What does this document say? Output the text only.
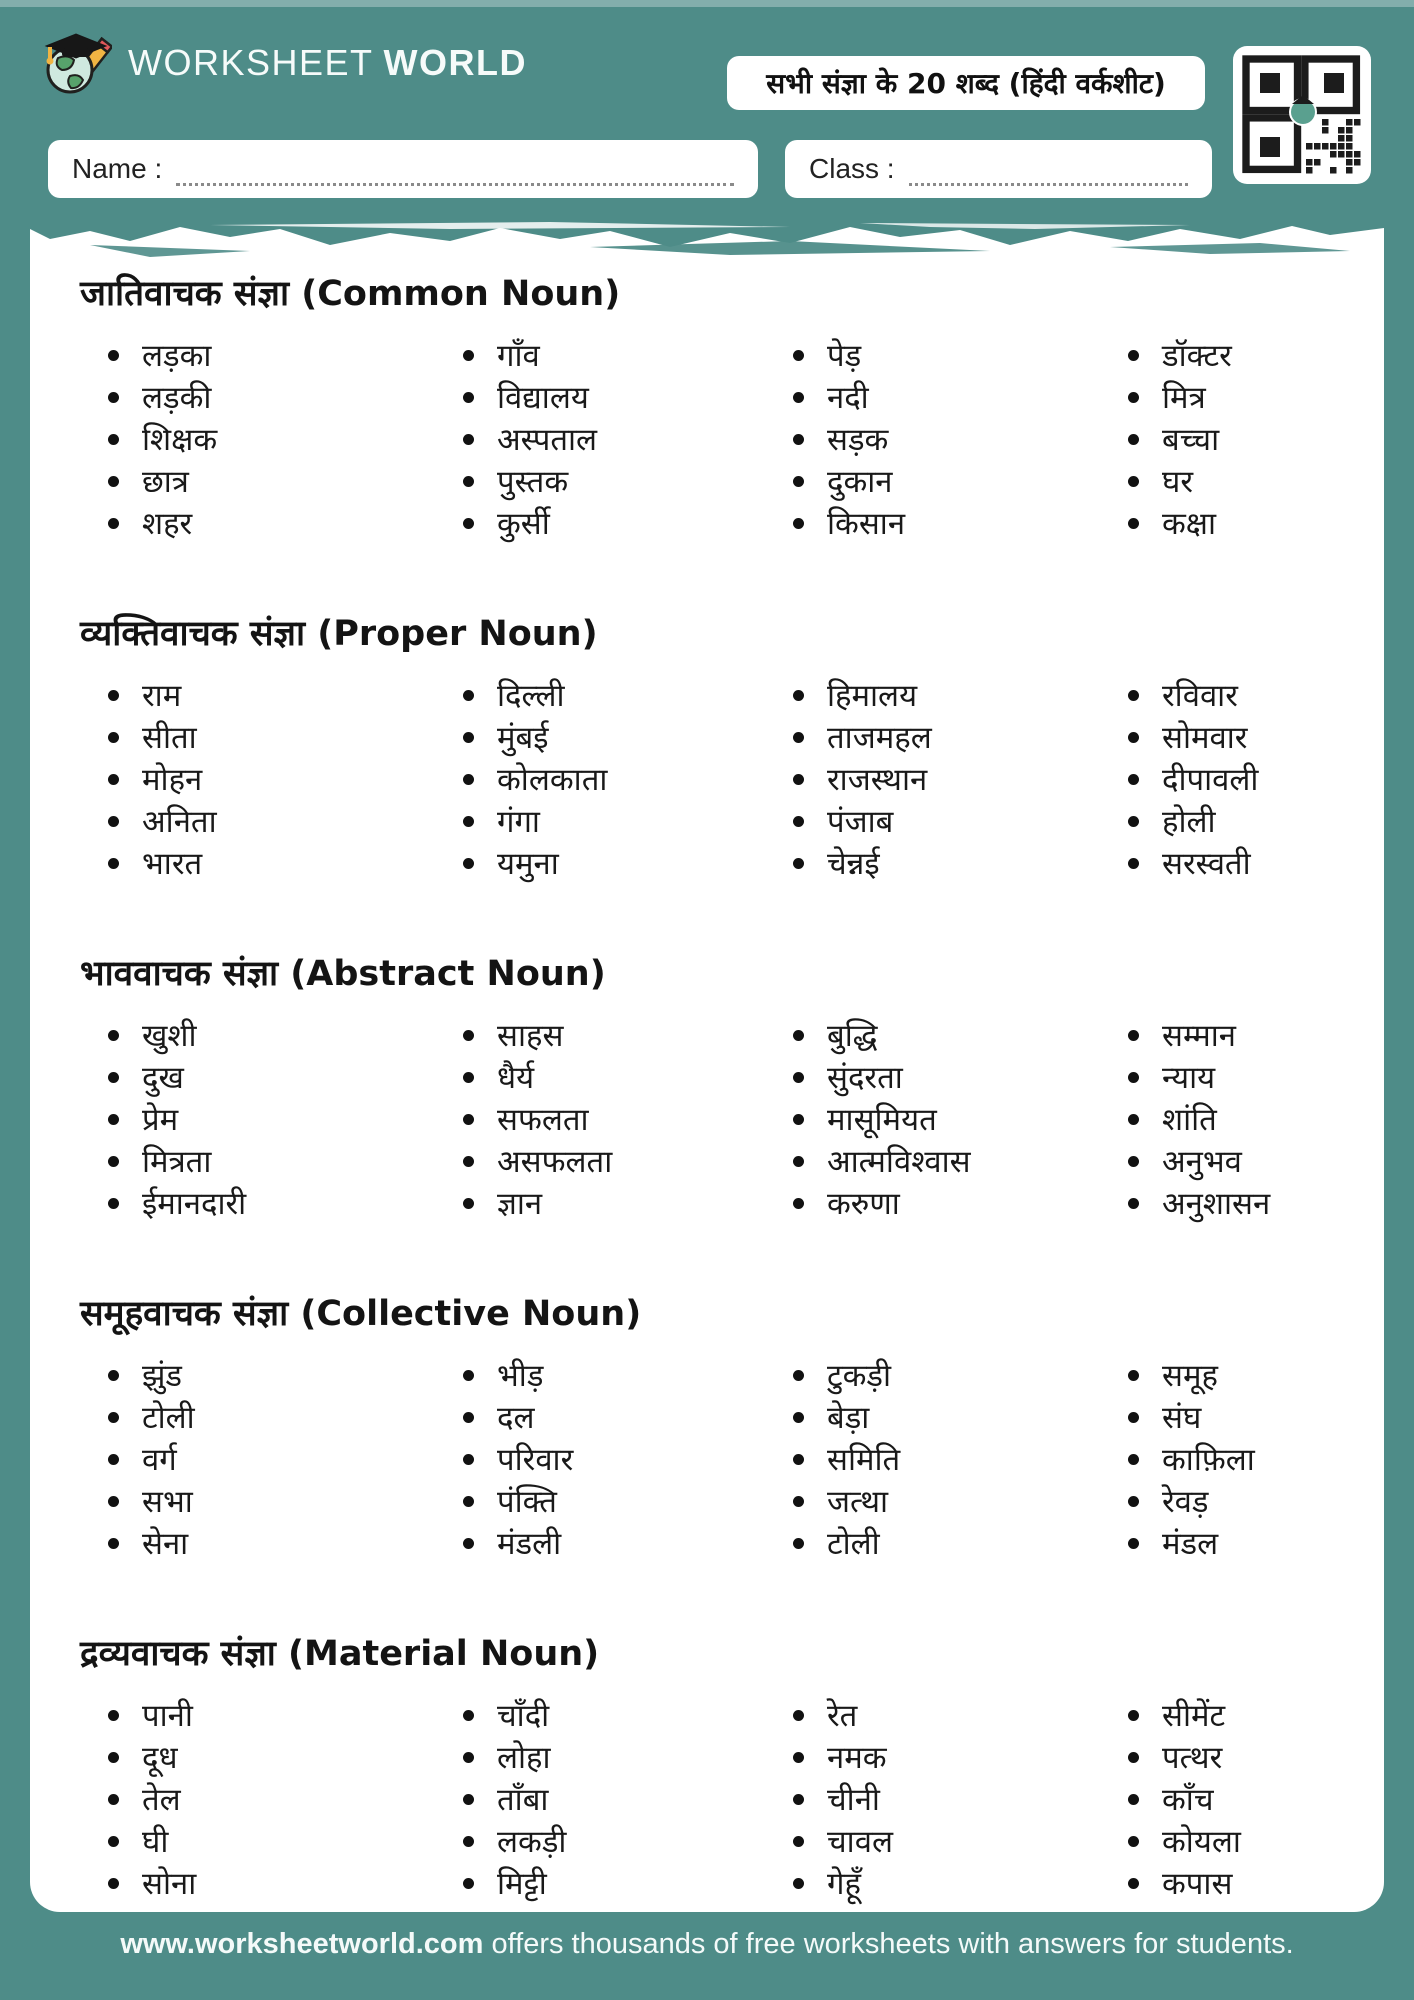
WORKSHEET WORLD
सभी संज्ञा के 20 शब्द (हिंदी वर्कशीट)
Name :	Class :
जातिवाचक संज्ञा (Common Noun)
लड़का
लड़की
शिक्षक
छात्र
शहर
गाँव
विद्यालय
अस्पताल
पुस्तक
कुर्सी
पेड़
नदी
सड़क
दुकान
किसान
डॉक्टर
मित्र
बच्चा
घर
कक्षा
व्यक्तिवाचक संज्ञा (Proper Noun)
राम
सीता
मोहन
अनिता
भारत
दिल्ली
मुंबई
कोलकाता
गंगा
यमुना
हिमालय
ताजमहल
राजस्थान
पंजाब
चेन्नई
रविवार
सोमवार
दीपावली
होली
सरस्वती
भाववाचक संज्ञा (Abstract Noun)
खुशी
दुख
प्रेम
मित्रता
ईमानदारी
साहस
धैर्य
सफलता
असफलता
ज्ञान
बुद्धि
सुंदरता
मासूमियत
आत्मविश्वास
करुणा
सम्मान
न्याय
शांति
अनुभव
अनुशासन
समूहवाचक संज्ञा (Collective Noun)
झुंड
टोली
वर्ग
सभा
सेना
भीड़
दल
परिवार
पंक्ति
मंडली
टुकड़ी
बेड़ा
समिति
जत्था
टोली
समूह
संघ
काफ़िला
रेवड़
मंडल
द्रव्यवाचक संज्ञा (Material Noun)
पानी
दूध
तेल
घी
सोना
चाँदी
लोहा
ताँबा
लकड़ी
मिट्टी
रेत
नमक
चीनी
चावल
गेहूँ
सीमेंट
पत्थर
काँच
कोयला
कपास
www.worksheetworld.com offers thousands of free worksheets with answers for students.
